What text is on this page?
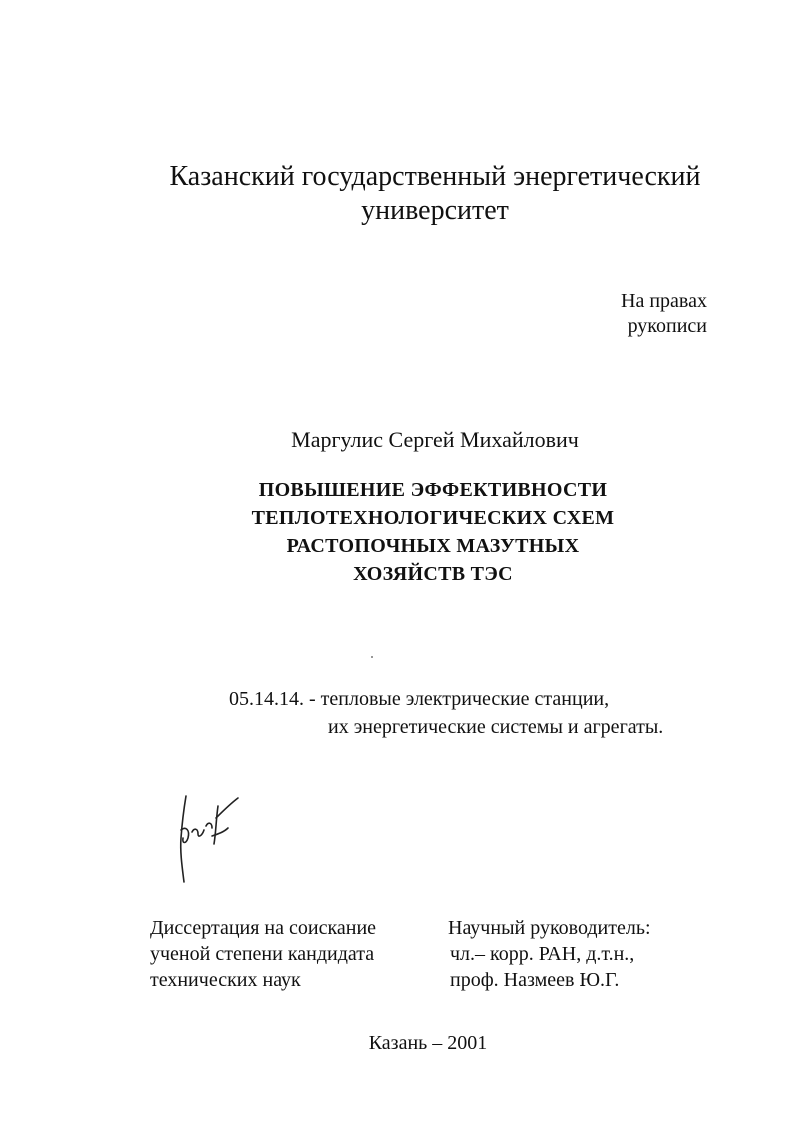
Казанский государственный энергетический
университет
На правах
рукописи
Маргулис Сергей Михайлович
ПОВЫШЕНИЕ ЭФФЕКТИВНОСТИ
ТЕПЛОТЕХНОЛОГИЧЕСКИХ СХЕМ
РАСТОПОЧНЫХ МАЗУТНЫХ
ХОЗЯЙСТВ ТЭС
05.14.14. - тепловые электрические станции,
их энергетические системы и агрегаты.
Диссертация на соискание
ученой степени кандидата
технических наук
Научный руководитель:
чл.– корр. РАН, д.т.н.,
проф. Назмеев Ю.Г.
Казань – 2001
